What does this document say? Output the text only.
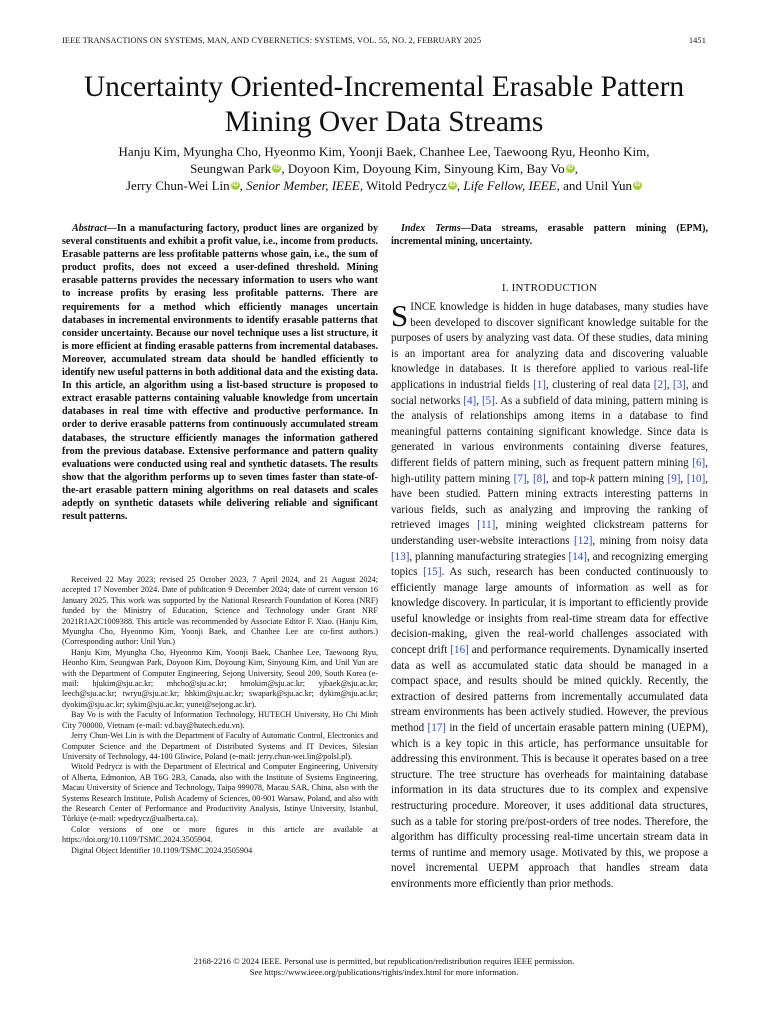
IEEE TRANSACTIONS ON SYSTEMS, MAN, AND CYBERNETICS: SYSTEMS, VOL. 55, NO. 2, FEBRUARY 2025	1451
Uncertainty Oriented-Incremental Erasable Pattern
Mining Over Data Streams
Hanju Kim, Myungha Cho, Hyeonmo Kim, Yoonji Baek, Chanhee Lee, Taewoong Ryu, Heonho Kim,
Seungwan Park iD , Doyoon Kim, Doyoung Kim, Sinyoung Kim, Bay Vo iD ,
Jerry Chun-Wei Lin iD , Senior Member, IEEE, Witold Pedrycz iD , Life Fellow, IEEE, and Unil Yun iD

Abstract—In a manufacturing factory, product lines are organized by several constituents and exhibit a profit value, i.e., income from products. Erasable patterns are less profitable patterns whose gain, i.e., the sum of product profits, does not exceed a user-defined threshold. Mining erasable patterns provides the necessary information to users who want to increase profits by erasing less profitable patterns. There are requirements for a method which efficiently manages uncertain databases in incremental environments to identify erasable patterns that consider uncertainty. Because our novel technique uses a list structure, it is more efficient at finding erasable patterns from incremental databases. Moreover, accumulated stream data should be handled efficiently to identify new useful patterns in both additional data and the existing data. In this article, an algorithm using a list-based structure is proposed to extract erasable patterns containing valuable knowledge from uncertain databases in real time with effective and productive performance. In order to derive erasable patterns from continuously accumulated stream databases, the structure efficiently manages the information gathered from the previous database. Extensive performance and pattern quality evaluations were conducted using real and synthetic datasets. The results show that the algorithm performs up to seven times faster than state-of-the-art erasable pattern mining algorithms on real datasets and scales adeptly on synthetic datasets while delivering reliable and significant result patterns.

Index Terms—Data streams, erasable pattern mining (EPM), incremental mining, uncertainty.

Received 22 May 2023; revised 25 October 2023, 7 April 2024, and 21 August 2024; accepted 17 November 2024. Date of publication 9 December 2024; date of current version 16 January 2025. This work was supported by the National Research Foundation of Korea (NRF) funded by the Ministry of Education, Science and Technology under Grant NRF 2021R1A2C1009388. This article was recommended by Associate Editor F. Xiao. (Hanju Kim, Myungha Cho, Hyeonmo Kim, Yoonji Baek, and Chanhee Lee are co-first authors.) (Corresponding author: Unil Yun.)

Hanju Kim, Myungha Cho, Hyeonmo Kim, Yoonji Baek, Chanhee Lee, Taewoong Ryu, Heonho Kim, Seungwan Park, Doyoon Kim, Doyoung Kim, Sinyoung Kim, and Unil Yun are with the Department of Computer Engineering, Sejong University, Seoul 209, South Korea (e-mail: hjukim@sju.ac.kr; mhcho@sju.ac.kr; hmokim@sju.ac.kr; yjbaek@sju.ac.kr; leech@sju.ac.kr; twryu@sju.ac.kr; hhkim@sju.ac.kr; swapark@sju.ac.kr; dykim@sju.ac.kr; dyokim@sju.ac.kr; sykim@sju.ac.kr; yunei@sejong.ac.kr).

Bay Vo is with the Faculty of Information Technology, HUTECH University, Ho Chi Minh City 700000, Vietnam (e-mail: vd.bay@hutech.edu.vn).

Jerry Chun-Wei Lin is with the Department of Faculty of Automatic Control, Electronics and Computer Science and the Department of Distributed Systems and IT Devices, Silesian University of Technology, 44-100 Gliwice, Poland (e-mail: jerry.chun-wei.lin@polsl.pl).

Witold Pedrycz is with the Department of Electrical and Computer Engineering, University of Alberta, Edmonton, AB T6G 2R3, Canada, also with the Institute of Systems Engineering, Macau University of Science and Technology, Taipa 999078, Macau SAR, China, also with the Systems Research Institute, Polish Academy of Sciences, 00-901 Warsaw, Poland, and also with the Research Center of Performance and Productivity Analysis, Istinye University, Istanbul, Türkiye (e-mail: wpedrycz@ualberta.ca).

Color versions of one or more figures in this article are available at https://doi.org/10.1109/TSMC.2024.3505904.

Digital Object Identifier 10.1109/TSMC.2024.3505904

I. INTRODUCTION

SINCE knowledge is hidden in huge databases, many studies have been developed to discover significant knowledge suitable for the purposes of users by analyzing vast data. Of these studies, data mining is an important area for analyzing data and discovering valuable knowledge in databases. It is therefore applied to various real-life applications in industrial fields [1], clustering of real data [2], [3], and social networks [4], [5]. As a subfield of data mining, pattern mining is the analysis of relationships among items in a database to find meaningful patterns containing significant knowledge. Since data is generated in various environments containing diverse features, different fields of pattern mining, such as frequent pattern mining [6], high-utility pattern mining [7], [8], and top-k pattern mining [9], [10], have been studied. Pattern mining extracts interesting patterns in various fields, such as analyzing and improving the ranking of retrieved images [11], mining weighted clickstream patterns for understanding user-website interactions [12], mining from noisy data [13], planning manufacturing strategies [14], and recognizing emerging topics [15]. As such, research has been conducted continuously to efficiently manage large amounts of information as well as for knowledge discovery. In particular, it is important to efficiently provide useful knowledge or insights from real-time stream data for effective decision-making, given the real-world challenges associated with concept drift [16] and performance requirements. Dynamically inserted data as well as accumulated static data should be managed in a compact space, and results should be mined quickly. Recently, the extraction of desired patterns from incrementally accumulated data stream environments has been actively studied. However, the previous method [17] in the field of uncertain erasable pattern mining (UEPM), which is a key topic in this article, has performance unsuitable for addressing this environment. This is because it operates based on a tree structure. The tree structure has overheads for maintaining database information in its data structures due to its complex and expensive restructuring procedure. Moreover, it uses additional data structures, such as a table for storing pre/post-orders of tree nodes. Therefore, the algorithm has difficulty processing real-time uncertain stream data in terms of runtime and memory usage. Motivated by this, we propose a novel incremental UEPM approach that handles stream data environments more efficiently than prior methods.

2168-2216 © 2024 IEEE. Personal use is permitted, but republication/redistribution requires IEEE permission.
See https://www.ieee.org/publications/rights/index.html for more information.
